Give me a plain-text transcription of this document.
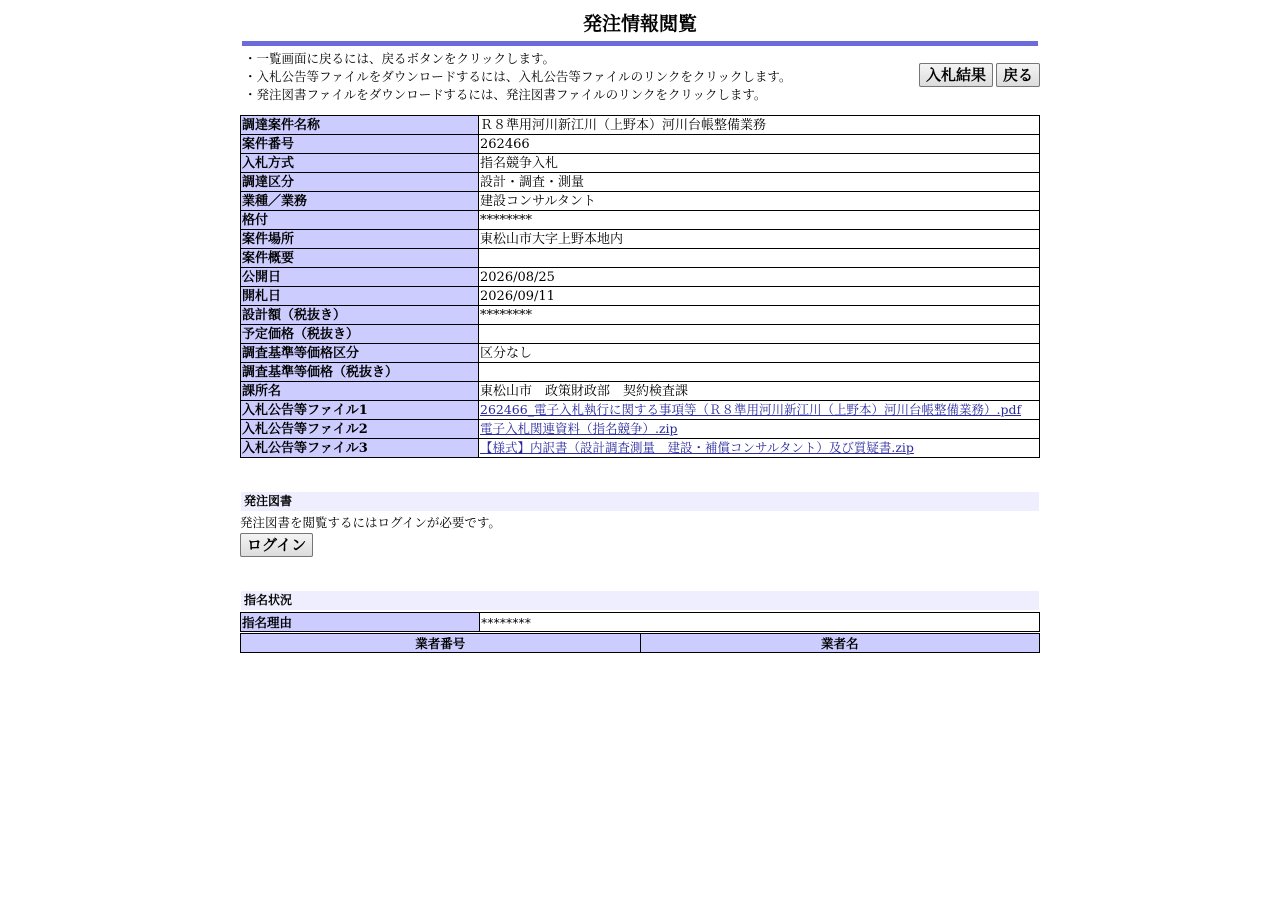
発注情報閲覧
・一覧画面に戻るには、戻るボタンをクリックします。
・入札公告等ファイルをダウンロードするには、入札公告等ファイルのリンクをクリックします。
・発注図書ファイルをダウンロードするには、発注図書ファイルのリンクをクリックします。
入札結果	戻る
調達案件名称	Ｒ８準用河川新江川（上野本）河川台帳整備業務
案件番号	262466
入札方式	指名競争入札
調達区分	設計・調査・測量
業種／業務	建設コンサルタント
格付	********
案件場所	東松山市大字上野本地内
案件概要	
公開日	2026/08/25
開札日	2026/09/11
設計額（税抜き）	********
予定価格（税抜き）	
調査基準等価格区分	区分なし
調査基準等価格（税抜き）	
課所名	東松山市　政策財政部　契約検査課
入札公告等ファイル1	262466_電子入札執行に関する事項等（Ｒ８準用河川新江川（上野本）河川台帳整備業務）.pdf
入札公告等ファイル2	電子入札関連資料（指名競争）.zip
入札公告等ファイル3	【様式】内訳書（設計調査測量　建設・補償コンサルタント）及び質疑書.zip
発注図書
発注図書を閲覧するにはログインが必要です。
ログイン
指名状況
指名理由	********
業者番号	業者名
